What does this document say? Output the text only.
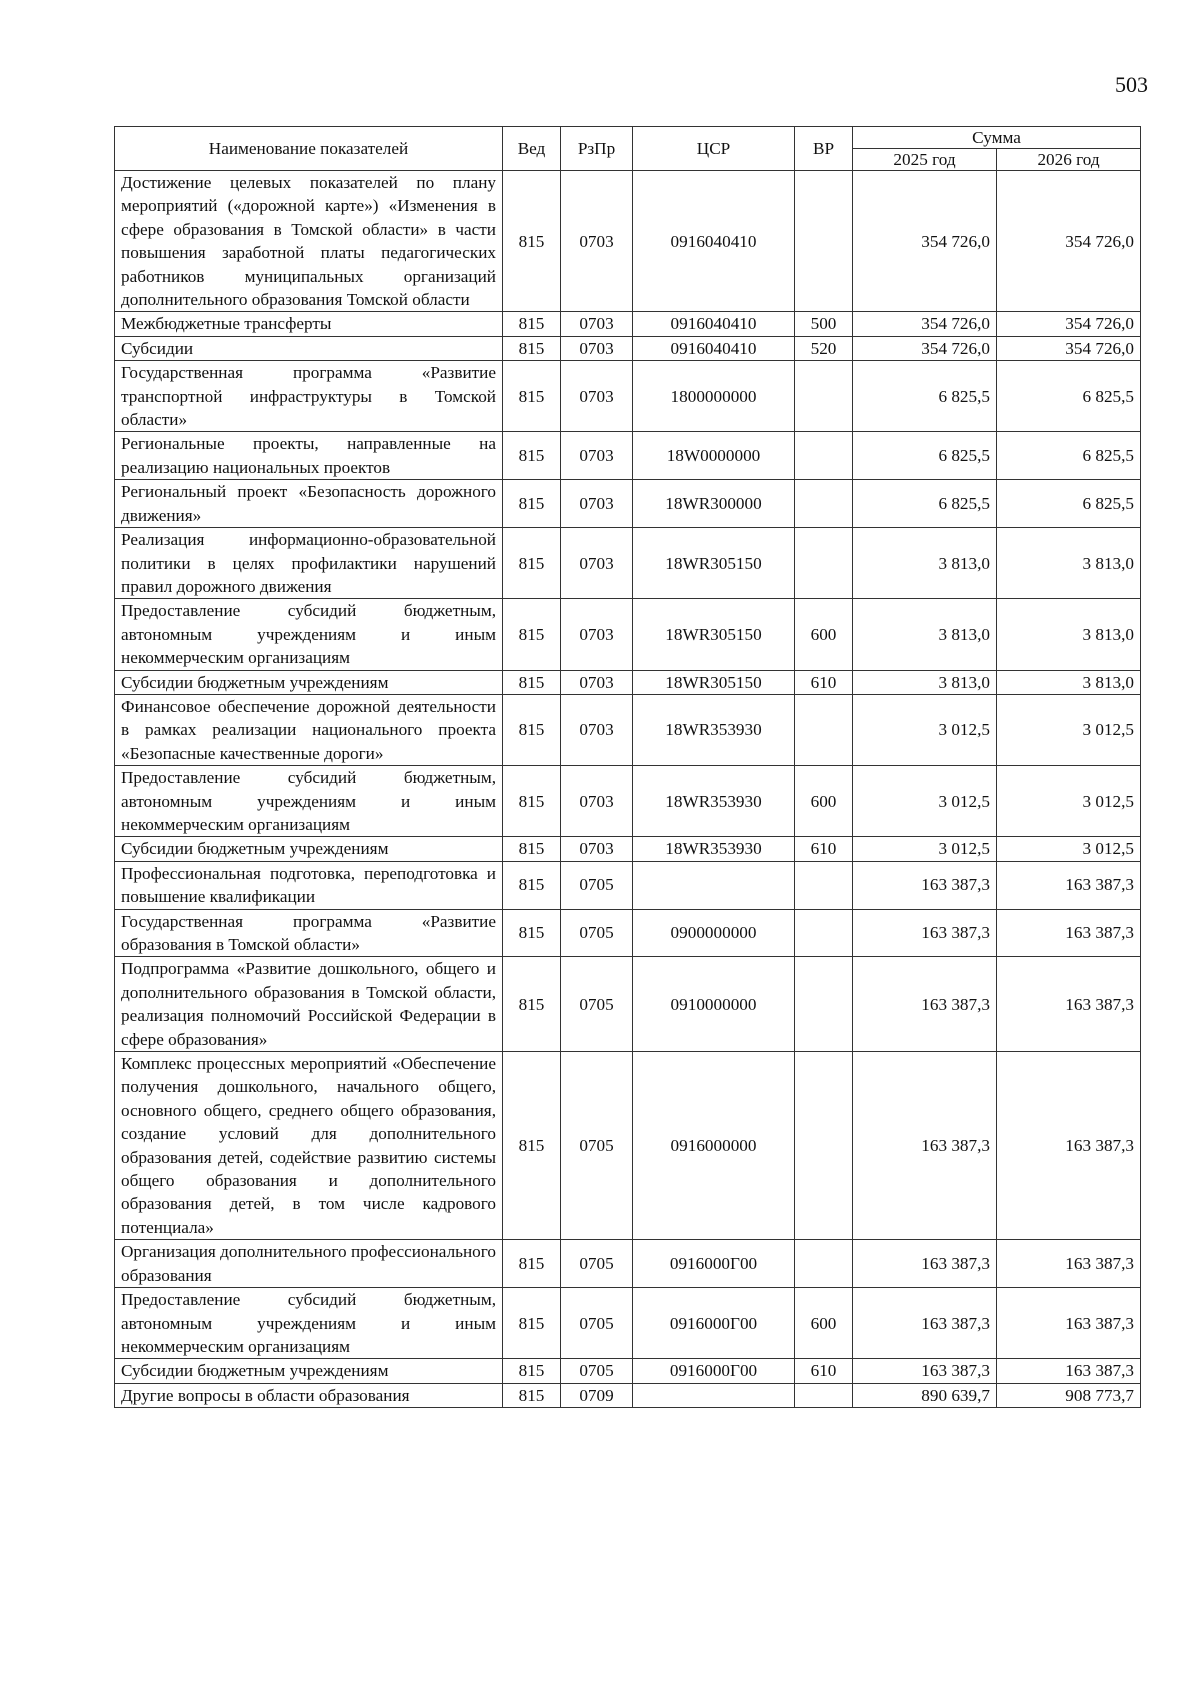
503
Наименование показателей	Вед	РзПр	ЦСР	ВР	Сумма	
					2025 год	2026 год
Достижение целевых показателей по плану мероприятий («дорожной карте») «Изменения в сфере образования в Томской области» в части повышения заработной платы педагогических работников муниципальных организаций дополнительного образования Томской области	815	0703	0916040410		354 726,0	354 726,0
Межбюджетные трансферты	815	0703	0916040410	500	354 726,0	354 726,0
Субсидии	815	0703	0916040410	520	354 726,0	354 726,0
Государственная программа «Развитие транспортной инфраструктуры в Томской области»	815	0703	1800000000		6 825,5	6 825,5
Региональные проекты, направленные на реализацию национальных проектов	815	0703	18W0000000		6 825,5	6 825,5
Региональный проект «Безопасность дорожного движения»	815	0703	18WR300000		6 825,5	6 825,5
Реализация информационно-образовательной политики в целях профилактики нарушений правил дорожного движения	815	0703	18WR305150		3 813,0	3 813,0
Предоставление субсидий бюджетным, автономным учреждениям и иным некоммерческим организациям	815	0703	18WR305150	600	3 813,0	3 813,0
Субсидии бюджетным учреждениям	815	0703	18WR305150	610	3 813,0	3 813,0
Финансовое обеспечение дорожной деятельности в рамках реализации национального проекта «Безопасные качественные дороги»	815	0703	18WR353930		3 012,5	3 012,5
Предоставление субсидий бюджетным, автономным учреждениям и иным некоммерческим организациям	815	0703	18WR353930	600	3 012,5	3 012,5
Субсидии бюджетным учреждениям	815	0703	18WR353930	610	3 012,5	3 012,5
Профессиональная подготовка, переподготовка и повышение квалификации	815	0705			163 387,3	163 387,3
Государственная программа «Развитие образования в Томской области»	815	0705	0900000000		163 387,3	163 387,3
Подпрограмма «Развитие дошкольного, общего и дополнительного образования в Томской области, реализация полномочий Российской Федерации в сфере образования»	815	0705	0910000000		163 387,3	163 387,3
Комплекс процессных мероприятий «Обеспечение получения дошкольного, начального общего, основного общего, среднего общего образования, создание условий для дополнительного образования детей, содействие развитию системы общего образования и дополнительного образования детей, в том числе кадрового потенциала»	815	0705	0916000000		163 387,3	163 387,3
Организация дополнительного профессионального образования	815	0705	0916000Г00		163 387,3	163 387,3
Предоставление субсидий бюджетным, автономным учреждениям и иным некоммерческим организациям	815	0705	0916000Г00	600	163 387,3	163 387,3
Субсидии бюджетным учреждениям	815	0705	0916000Г00	610	163 387,3	163 387,3
Другие вопросы в области образования	815	0709			890 639,7	908 773,7
